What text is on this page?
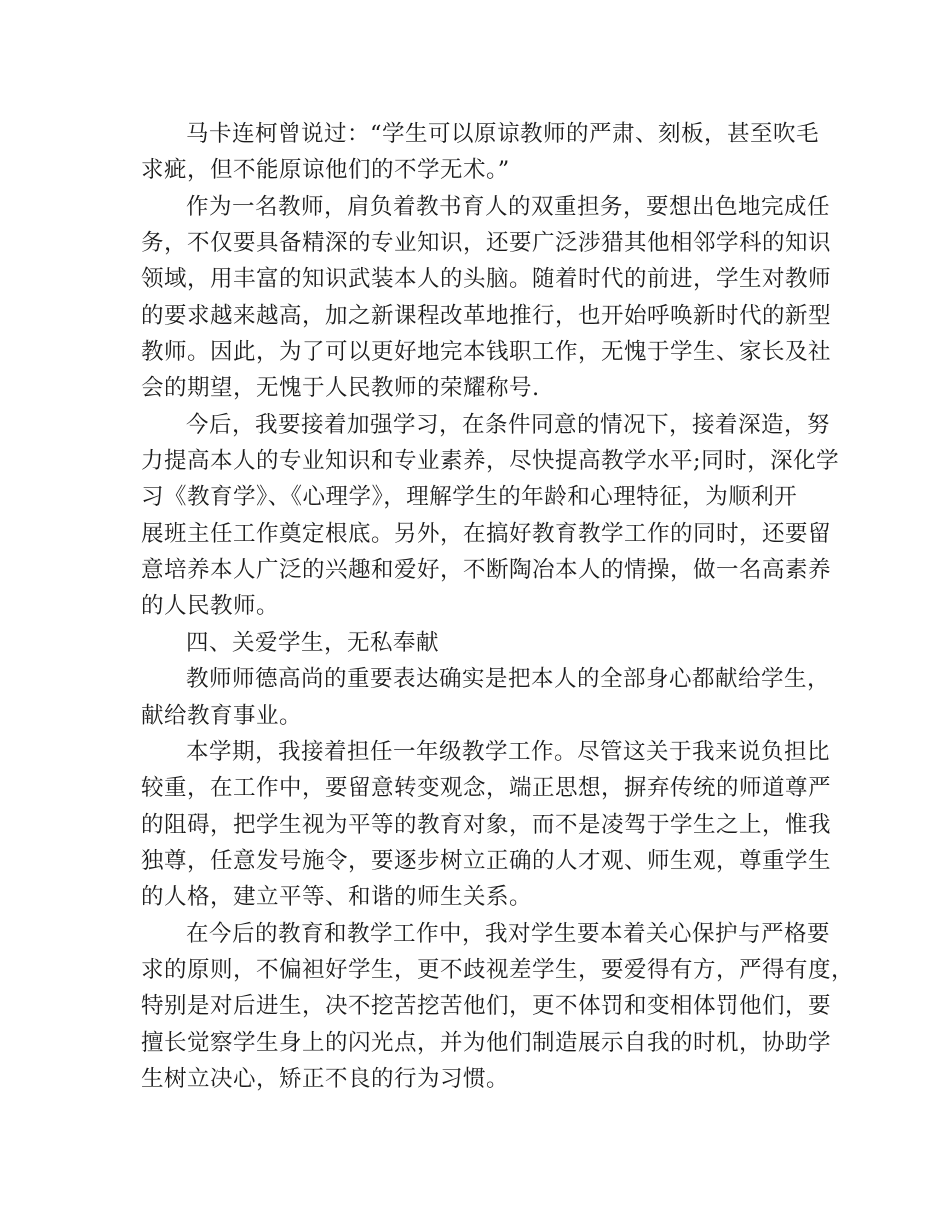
马卡连柯曾说过：“学生可以原谅教师的严肃、刻板，甚至吹毛
求疵，但不能原谅他们的不学无术。”
作为一名教师，肩负着教书育人的双重担务，要想出色地完成任
务，不仅要具备精深的专业知识，还要广泛涉猎其他相邻学科的知识
领域，用丰富的知识武装本人的头脑。随着时代的前进，学生对教师
的要求越来越高，加之新课程改革地推行，也开始呼唤新时代的新型
教师。因此，为了可以更好地完本钱职工作，无愧于学生、家长及社
会的期望，无愧于人民教师的荣耀称号.
今后，我要接着加强学习，在条件同意的情况下，接着深造，努
力提高本人的专业知识和专业素养，尽快提高教学水平;同时，深化学
习《教育学》、《心理学》，理解学生的年龄和心理特征，为顺利开
展班主任工作奠定根底。另外，在搞好教育教学工作的同时，还要留
意培养本人广泛的兴趣和爱好，不断陶冶本人的情操，做一名高素养
的人民教师。
四、关爱学生，无私奉献
教师师德高尚的重要表达确实是把本人的全部身心都献给学生，
献给教育事业。
本学期，我接着担任一年级教学工作。尽管这关于我来说负担比
较重，在工作中，要留意转变观念，端正思想，摒弃传统的师道尊严
的阻碍，把学生视为平等的教育对象，而不是凌驾于学生之上，惟我
独尊，任意发号施令，要逐步树立正确的人才观、师生观，尊重学生
的人格，建立平等、和谐的师生关系。
在今后的教育和教学工作中，我对学生要本着关心保护与严格要
求的原则，不偏袒好学生，更不歧视差学生，要爱得有方，严得有度，
特别是对后进生，决不挖苦挖苦他们，更不体罚和变相体罚他们，要
擅长觉察学生身上的闪光点，并为他们制造展示自我的时机，协助学
生树立决心，矫正不良的行为习惯。
